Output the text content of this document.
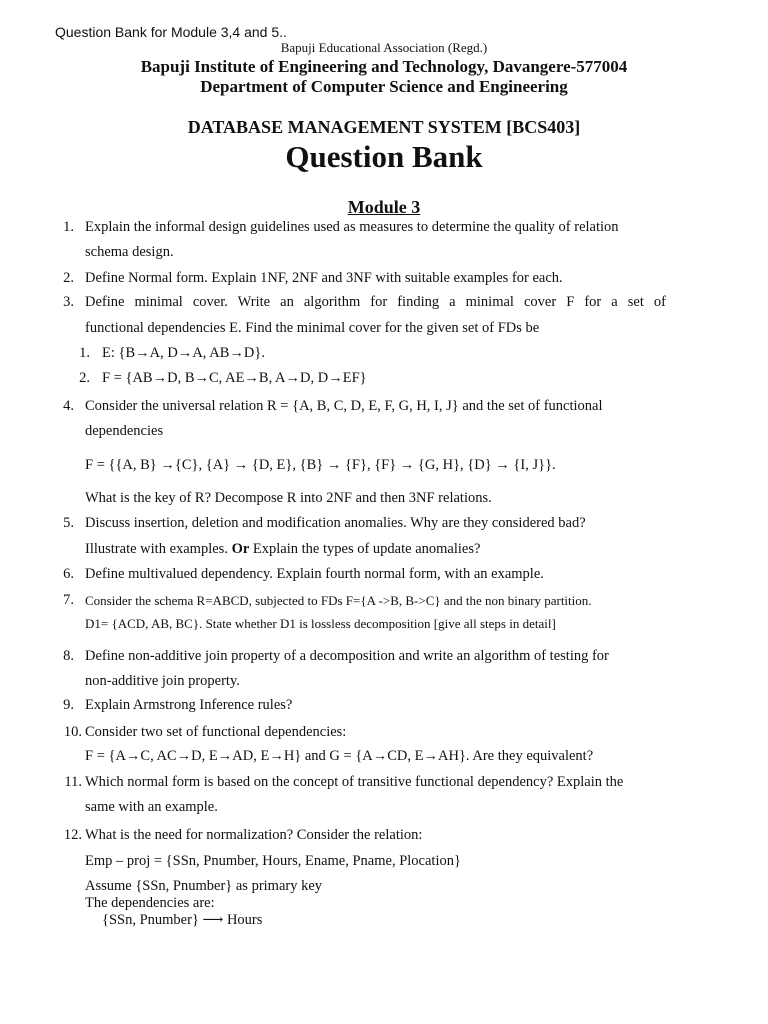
Question Bank for Module 3,4 and 5..
Bapuji Educational Association (Regd.)
Bapuji Institute of Engineering and Technology, Davangere-577004
Department of Computer Science and Engineering
DATABASE MANAGEMENT SYSTEM [BCS403]
Question Bank
Module 3
1. Explain the informal design guidelines used as measures to determine the quality of relation
schema design.
2. Define Normal form. Explain 1NF, 2NF and 3NF with suitable examples for each.
3. Define minimal cover. Write an algorithm for finding a minimal cover F for a set of
functional dependencies E. Find the minimal cover for the given set of FDs be
1. E: {B→A, D→A, AB→D}.
2. F = {AB→D, B→C, AE→B, A→D, D→EF}
4. Consider the universal relation R = {A, B, C, D, E, F, G, H, I, J} and the set of functional
dependencies
F = {{A, B} →{C}, {A} → {D, E}, {B} → {F}, {F} → {G, H}, {D} → {I, J}}.
What is the key of R? Decompose R into 2NF and then 3NF relations.
5. Discuss insertion, deletion and modification anomalies. Why are they considered bad?
Illustrate with examples. Or Explain the types of update anomalies?
6. Define multivalued dependency. Explain fourth normal form, with an example.
7. Consider the schema R=ABCD, subjected to FDs F={A ->B, B->C} and the non binary partition.
D1= {ACD, AB, BC}. State whether D1 is lossless decomposition [give all steps in detail]
8. Define non-additive join property of a decomposition and write an algorithm of testing for
non-additive join property.
9. Explain Armstrong Inference rules?
10. Consider two set of functional dependencies:
F = {A→C, AC→D, E→AD, E→H} and G = {A→CD, E→AH}. Are they equivalent?
11. Which normal form is based on the concept of transitive functional dependency? Explain the
same with an example.
12. What is the need for normalization? Consider the relation:
Emp – proj = {SSn, Pnumber, Hours, Ename, Pname, Plocation}
Assume {SSn, Pnumber} as primary key
The dependencies are:
{SSn, Pnumber} ⟶ Hours
